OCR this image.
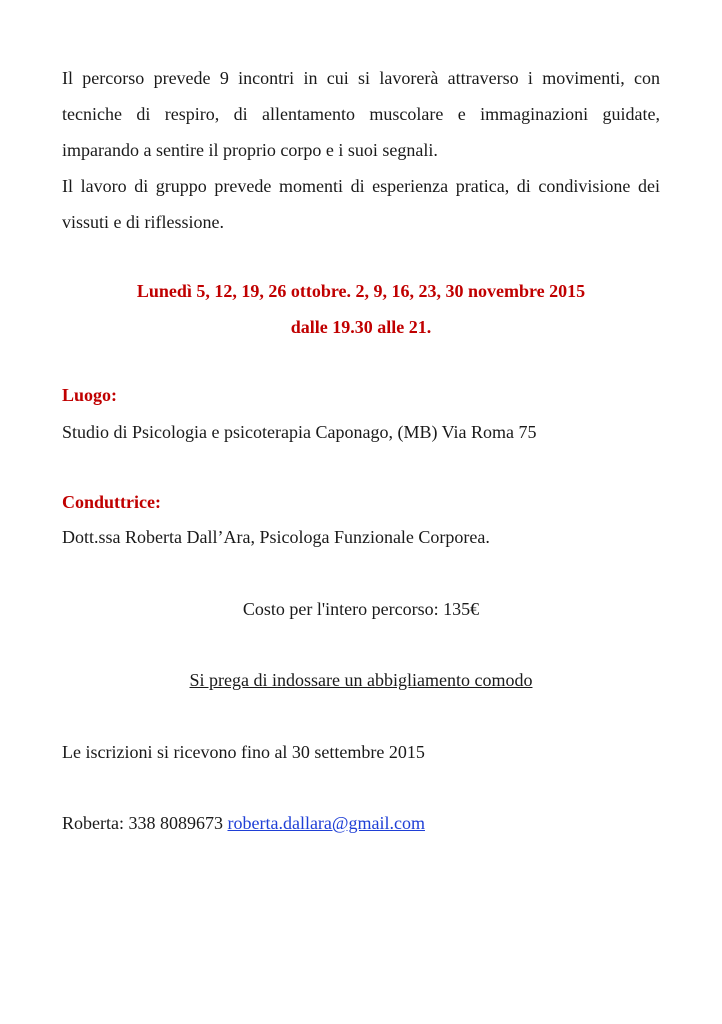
Il percorso prevede 9 incontri in cui si lavorerà attraverso i movimenti, con tecniche di respiro, di allentamento muscolare e immaginazioni guidate, imparando a sentire il proprio corpo e i suoi segnali.

Il lavoro di gruppo prevede momenti di esperienza pratica, di condivisione dei vissuti e di riflessione.

Lunedì 5, 12, 19, 26 ottobre. 2, 9, 16, 23, 30 novembre 2015
dalle 19.30 alle 21.
Luogo:
Studio di Psicologia e psicoterapia Caponago, (MB) Via Roma 75
Conduttrice:
Dott.ssa Roberta Dall’Ara, Psicologa Funzionale Corporea.
Costo per l'intero percorso: 135€
Si prega di indossare un abbigliamento comodo
Le iscrizioni si ricevono fino al 30 settembre 2015
Roberta: 338 8089673 roberta.dallara@gmail.com
